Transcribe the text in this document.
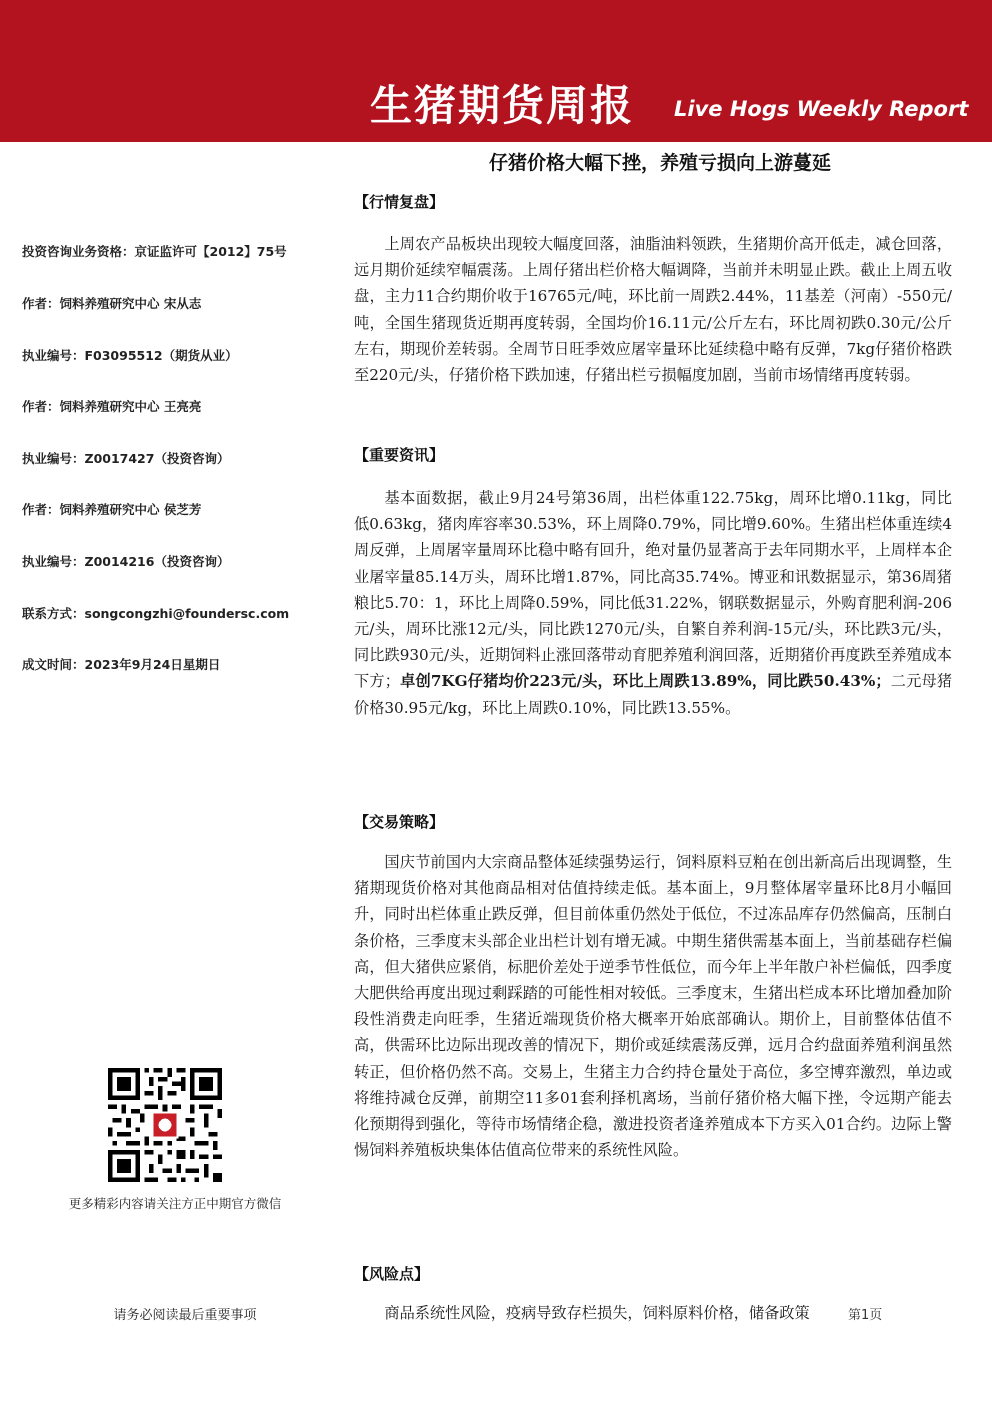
生猪期货周报 Live Hogs Weekly Report
仔猪价格大幅下挫，养殖亏损向上游蔓延
投资咨询业务资格：京证监许可【2012】75号
作者：饲料养殖研究中心 宋从志
执业编号：F03095512（期货从业）
作者：饲料养殖研究中心 王亮亮
执业编号：Z0017427（投资咨询）
作者：饲料养殖研究中心 侯芝芳
执业编号：Z0014216（投资咨询）
联系方式：songcongzhi@foundersc.com
成文时间：2023年9月24日星期日
【行情复盘】

上周农产品板块出现较大幅度回落，油脂油料领跌，生猪期价高开低走，减仓回落，远月期价延续窄幅震荡。上周仔猪出栏价格大幅调降，当前并未明显止跌。截止上周五收盘，主力11合约期价收于16765元/吨，环比前一周跌2.44%，11基差（河南）-550元/吨，全国生猪现货近期再度转弱，全国均价16.11元/公斤左右，环比周初跌0.30元/公斤左右，期现价差转弱。全周节日旺季效应屠宰量环比延续稳中略有反弹，7kg仔猪价格跌至220元/头，仔猪价格下跌加速，仔猪出栏亏损幅度加剧，当前市场情绪再度转弱。

【重要资讯】

基本面数据，截止9月24号第36周，出栏体重122.75kg，周环比增0.11kg，同比低0.63kg，猪肉库容率30.53%，环上周降0.79%，同比增9.60%。生猪出栏体重连续4周反弹，上周屠宰量周环比稳中略有回升，绝对量仍显著高于去年同期水平，上周样本企业屠宰量85.14万头，周环比增1.87%，同比高35.74%。博亚和讯数据显示，第36周猪粮比5.70：1，环比上周降0.59%，同比低31.22%，钢联数据显示，外购育肥利润-206元/头，周环比涨12元/头，同比跌1270元/头，自繁自养利润-15元/头，环比跌3元/头，同比跌930元/头，近期饲料止涨回落带动育肥养殖利润回落，近期猪价再度跌至养殖成本下方；卓创7KG仔猪均价223元/头，环比上周跌13.89%，同比跌50.43%；二元母猪价格30.95元/kg，环比上周跌0.10%，同比跌13.55%。

【交易策略】

国庆节前国内大宗商品整体延续强势运行，饲料原料豆粕在创出新高后出现调整，生猪期现货价格对其他商品相对估值持续走低。基本面上，9月整体屠宰量环比8月小幅回升，同时出栏体重止跌反弹，但目前体重仍然处于低位，不过冻品库存仍然偏高，压制白条价格，三季度末头部企业出栏计划有增无减。中期生猪供需基本面上，当前基础存栏偏高，但大猪供应紧俏，标肥价差处于逆季节性低位，而今年上半年散户补栏偏低，四季度大肥供给再度出现过剩踩踏的可能性相对较低。三季度末，生猪出栏成本环比增加叠加阶段性消费走向旺季，生猪近端现货价格大概率开始底部确认。期价上，目前整体估值不高，供需环比边际出现改善的情况下，期价或延续震荡反弹，远月合约盘面养殖利润虽然转正，但价格仍然不高。交易上，生猪主力合约持仓量处于高位，多空博弈激烈，单边或将维持减仓反弹，前期空11多01套利择机离场，当前仔猪价格大幅下挫，令远期产能去化预期得到强化，等待市场情绪企稳，激进投资者逢养殖成本下方买入01合约。边际上警惕饲料养殖板块集体估值高位带来的系统性风险。

【风险点】

商品系统性风险，疫病导致存栏损失，饲料原料价格，储备政策

更多精彩内容请关注方正中期官方微信
请务必阅读最后重要事项	第1页
